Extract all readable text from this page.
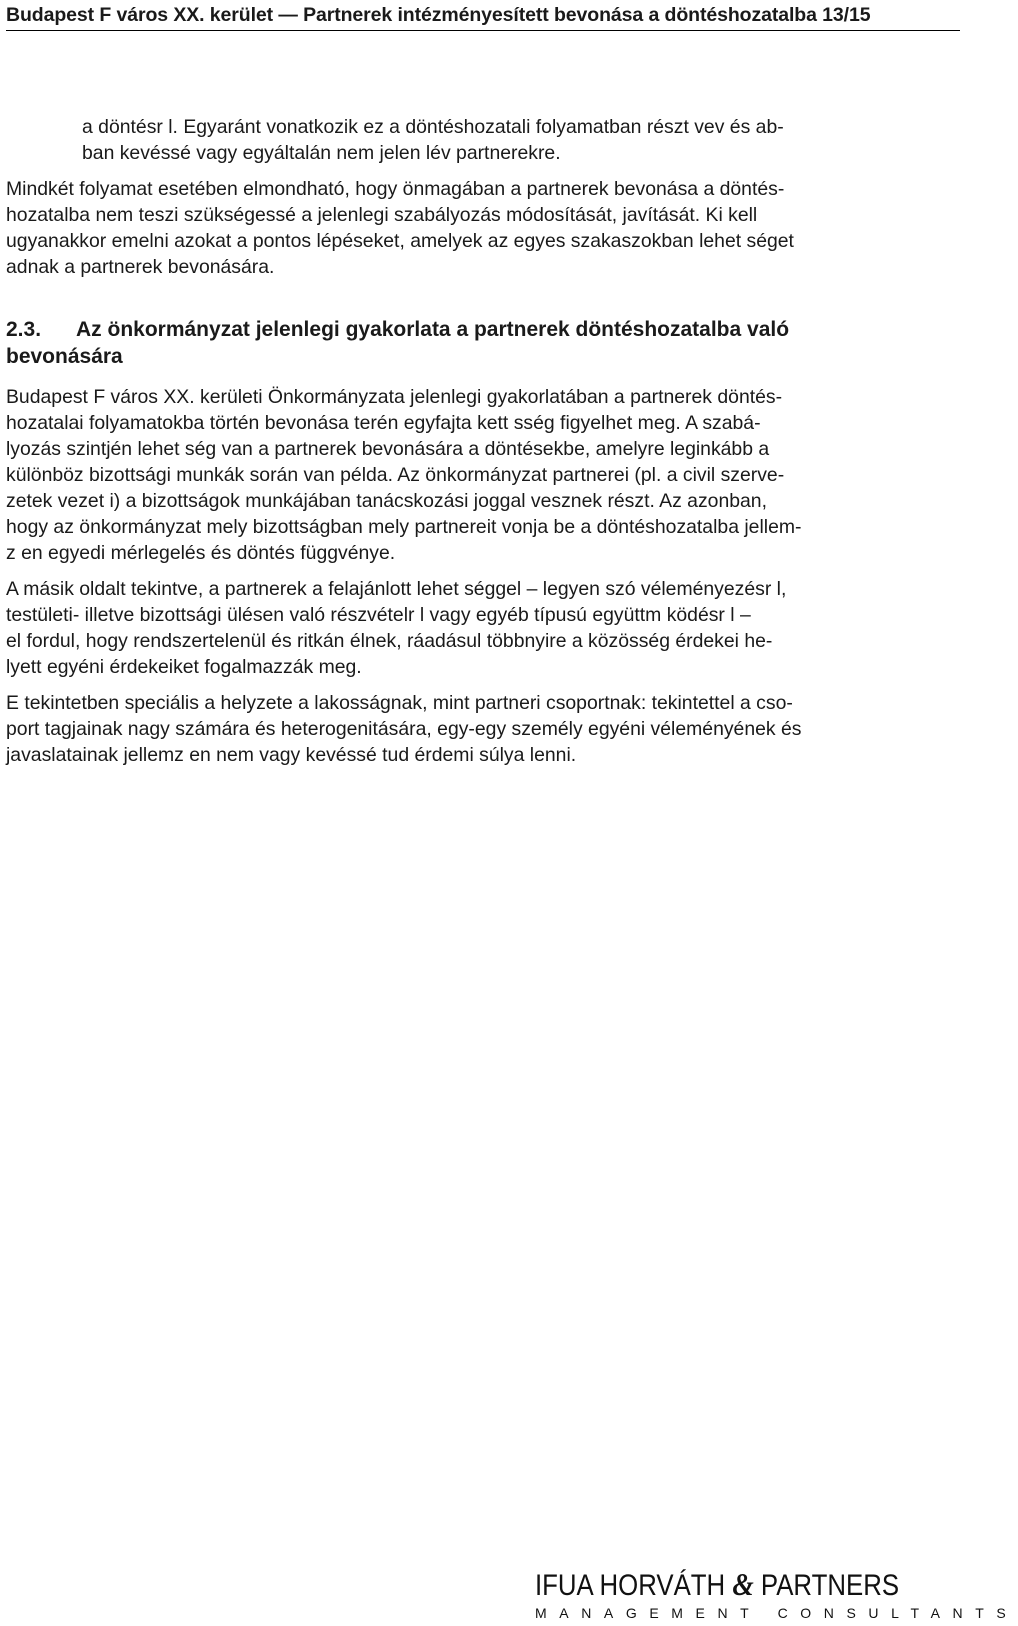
Budapest F város XX. kerület — Partnerek intézményesített bevonása a döntéshozatalba 13/15

a döntésr l. Egyaránt vonatkozik ez a döntéshozatali folyamatban részt vev és ab-
ban kevéssé vagy egyáltalán nem jelen lév partnerekre.

Mindkét folyamat esetében elmondható, hogy önmagában a partnerek bevonása a döntés-
hozatalba nem teszi szükségessé a jelenlegi szabályozás módosítását, javítását. Ki kell
ugyanakkor emelni azokat a pontos lépéseket, amelyek az egyes szakaszokban lehet séget
adnak a partnerek bevonására.

2.3. Az önkormányzat jelenlegi gyakorlata a partnerek döntéshozatalba való
bevonására

Budapest F város XX. kerületi Önkormányzata jelenlegi gyakorlatában a partnerek döntés-
hozatalai folyamatokba történ bevonása terén egyfajta kett sség figyelhet meg. A szabá-
lyozás szintjén lehet ség van a partnerek bevonására a döntésekbe, amelyre leginkább a
különböz bizottsági munkák során van példa. Az önkormányzat partnerei (pl. a civil szerve-
zetek vezet i) a bizottságok munkájában tanácskozási joggal vesznek részt. Az azonban,
hogy az önkormányzat mely bizottságban mely partnereit vonja be a döntéshozatalba jellem-
z en egyedi mérlegelés és döntés függvénye.

A másik oldalt tekintve, a partnerek a felajánlott lehet séggel – legyen szó véleményezésr l,
testületi- illetve bizottsági ülésen való részvételr l vagy egyéb típusú együttm ködésr l –
el fordul, hogy rendszertelenül és ritkán élnek, ráadásul többnyire a közösség érdekei he-
lyett egyéni érdekeiket fogalmazzák meg.

E tekintetben speciális a helyzete a lakosságnak, mint partneri csoportnak: tekintettel a cso-
port tagjainak nagy számára és heterogenitására, egy-egy személy egyéni véleményének és
javaslatainak jellemz en nem vagy kevéssé tud érdemi súlya lenni.

IFUA HORVÁTH & PARTNERS
MANAGEMENT CONSULTANTS
